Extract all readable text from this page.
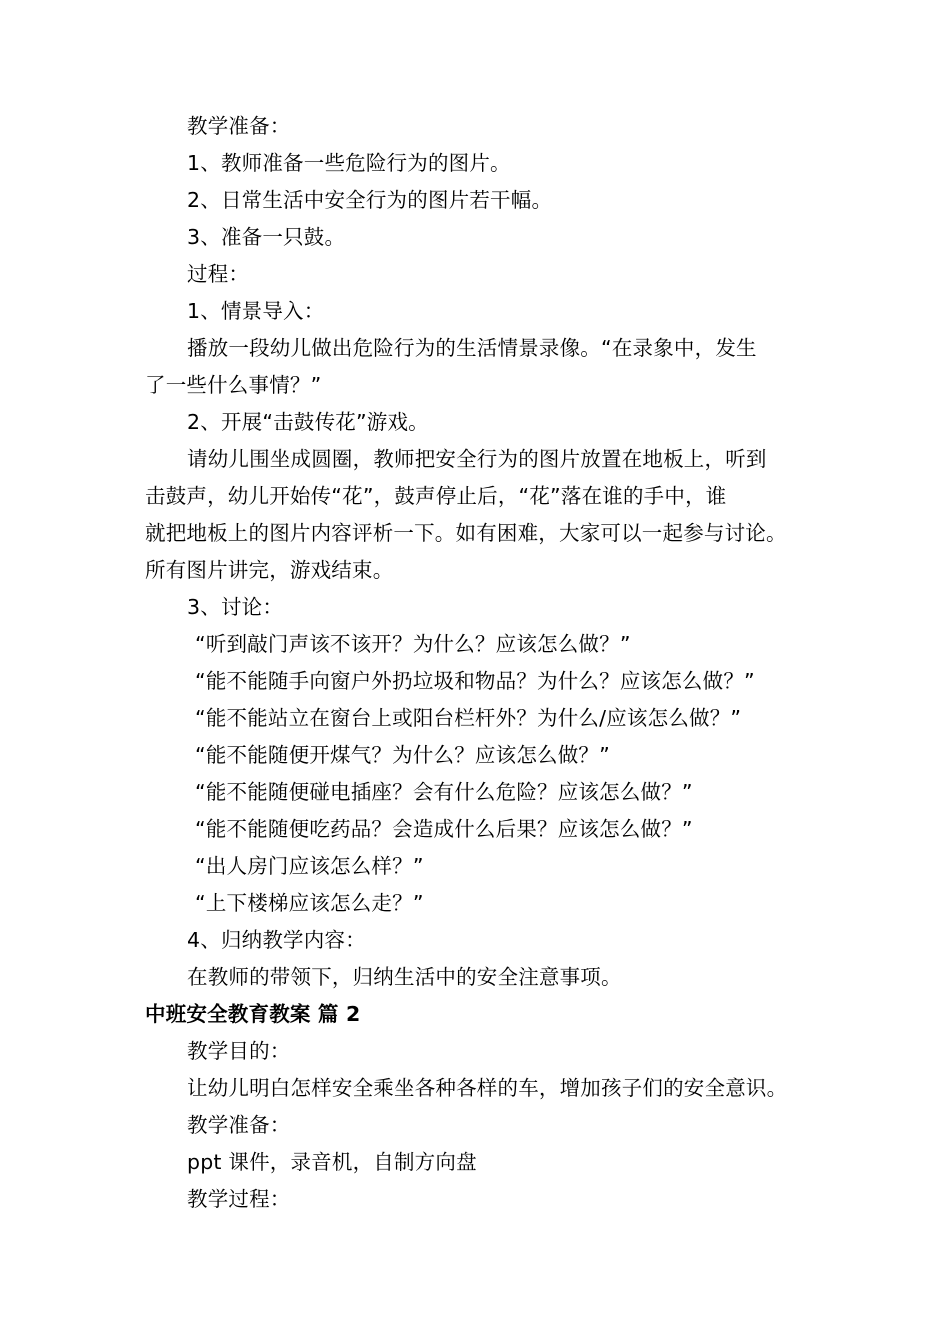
教学准备：
1、教师准备一些危险行为的图片。
2、日常生活中安全行为的图片若干幅。
3、准备一只鼓。
过程：
1、情景导入：
播放一段幼儿做出危险行为的生活情景录像。“在录象中，发生
了一些什么事情？”
2、开展“击鼓传花”游戏。
请幼儿围坐成圆圈，教师把安全行为的图片放置在地板上，听到
击鼓声，幼儿开始传“花”，鼓声停止后，“花”落在谁的手中，谁
就把地板上的图片内容评析一下。如有困难，大家可以一起参与讨论。
所有图片讲完，游戏结束。
3、讨论：
“听到敲门声该不该开？为什么？应该怎么做？”
“能不能随手向窗户外扔垃圾和物品？为什么？应该怎么做？”
“能不能站立在窗台上或阳台栏杆外？为什么/应该怎么做？”
“能不能随便开煤气？为什么？应该怎么做？”
“能不能随便碰电插座？会有什么危险？应该怎么做？”
“能不能随便吃药品？会造成什么后果？应该怎么做？”
“出人房门应该怎么样？”
“上下楼梯应该怎么走？”
4、归纳教学内容：
在教师的带领下，归纳生活中的安全注意事项。
中班安全教育教案 篇 2
教学目的：
让幼儿明白怎样安全乘坐各种各样的车，增加孩子们的安全意识。
教学准备：
ppt 课件，录音机，自制方向盘
教学过程：
